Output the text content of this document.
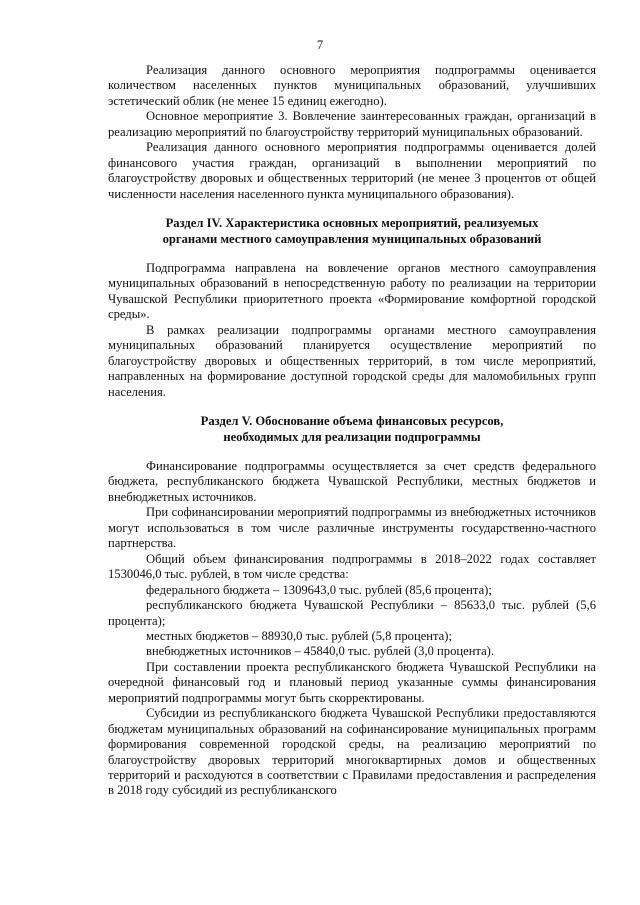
7

Реализация данного основного мероприятия подпрограммы оценивается количеством населенных пунктов муниципальных образований, улучшивших эстетический облик (не менее 15 единиц ежегодно).

Основное мероприятие 3. Вовлечение заинтересованных граждан, организаций в реализацию мероприятий по благоустройству территорий муниципальных образований.

Реализация данного основного мероприятия подпрограммы оценивается долей финансового участия граждан, организаций в выполнении мероприятий по благоустройству дворовых и общественных территорий (не менее 3 процентов от общей численности населения населенного пункта муниципального образования).

Раздел IV. Характеристика основных мероприятий, реализуемых
органами местного самоуправления муниципальных образований

Подпрограмма направлена на вовлечение органов местного самоуправления муниципальных образований в непосредственную работу по реализации на территории Чувашской Республики приоритетного проекта «Формирование комфортной городской среды».

В рамках реализации подпрограммы органами местного самоуправления муниципальных образований планируется осуществление мероприятий по благоустройству дворовых и общественных территорий, в том числе мероприятий, направленных на формирование доступной городской среды для маломобильных групп населения.

Раздел V. Обоснование объема финансовых ресурсов,
необходимых для реализации подпрограммы

Финансирование подпрограммы осуществляется за счет средств федерального бюджета, республиканского бюджета Чувашской Республики, местных бюджетов и внебюджетных источников.

При софинансировании мероприятий подпрограммы из внебюджетных источников могут использоваться в том числе различные инструменты государственно-частного партнерства.

Общий объем финансирования подпрограммы в 2018–2022 годах составляет 1530046,0 тыс. рублей, в том числе средства:

федерального бюджета – 1309643,0 тыс. рублей (85,6 процента);

республиканского бюджета Чувашской Республики – 85633,0 тыс. рублей (5,6 процента);

местных бюджетов – 88930,0 тыс. рублей (5,8 процента);

внебюджетных источников – 45840,0 тыс. рублей (3,0 процента).

При составлении проекта республиканского бюджета Чувашской Республики на очередной финансовый год и плановый период указанные суммы финансирования мероприятий подпрограммы могут быть скорректированы.

Субсидии из республиканского бюджета Чувашской Республики предоставляются бюджетам муниципальных образований на софинансирование муниципальных программ формирования современной городской среды, на реализацию мероприятий по благоустройству дворовых территорий многоквартирных домов и общественных территорий и расходуются в соответствии с Правилами предоставления и распределения в 2018 году субсидий из республиканского
